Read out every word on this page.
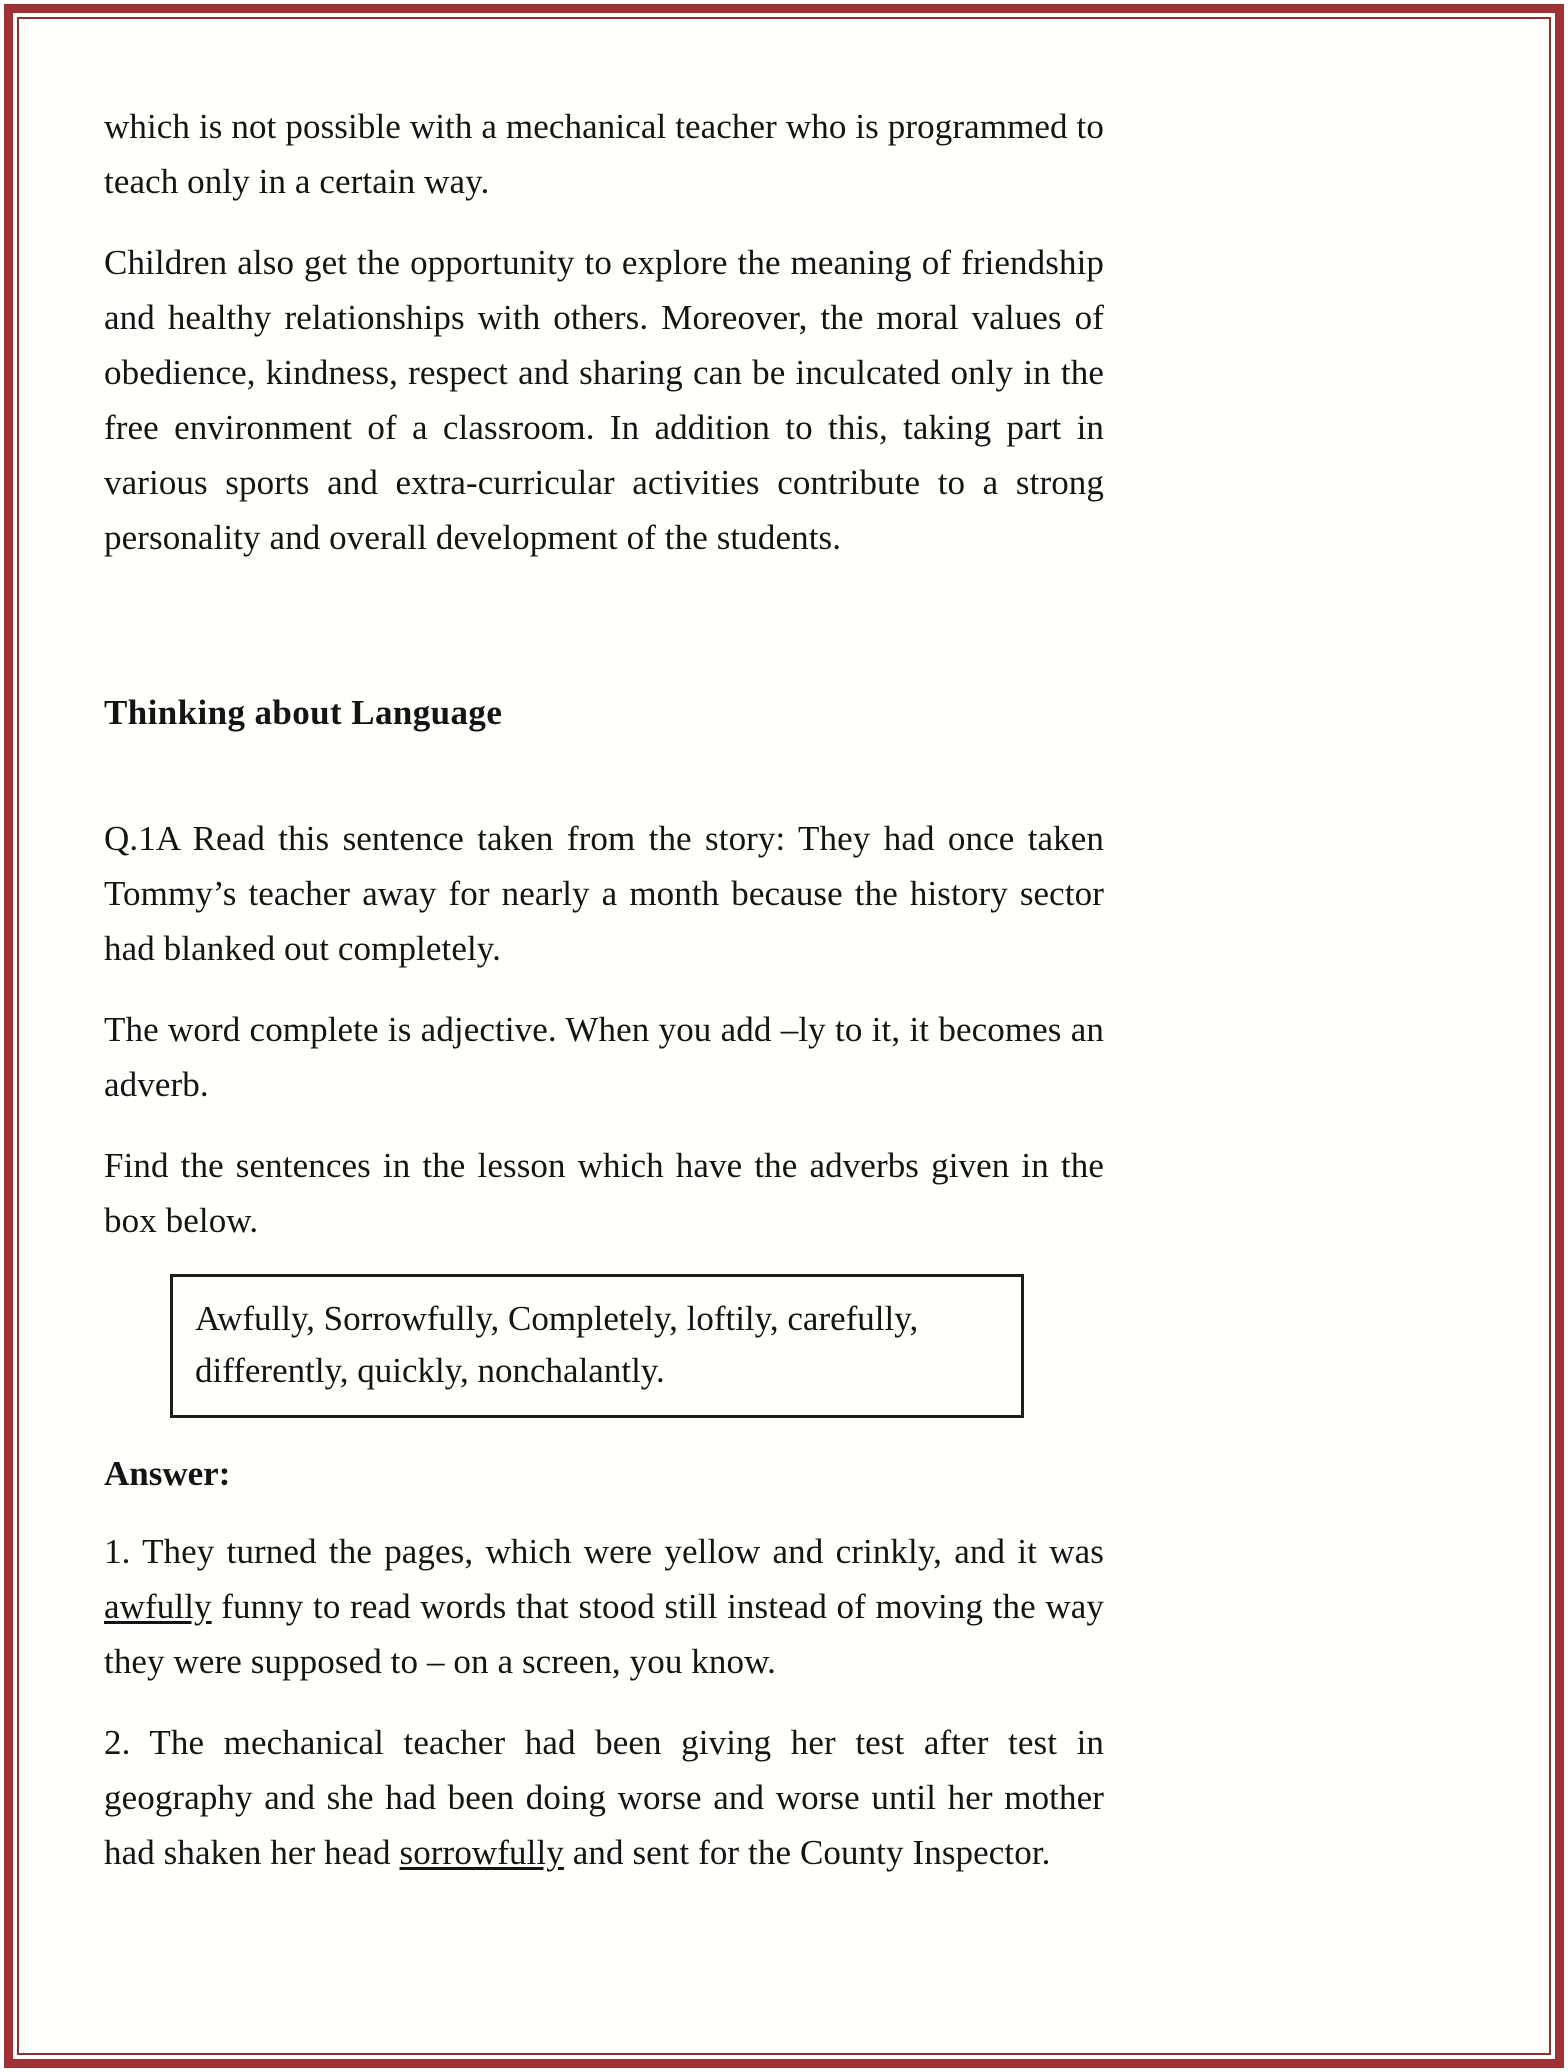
which is not possible with a mechanical teacher who is programmed to teach only in a certain way.

Children also get the opportunity to explore the meaning of friendship and healthy relationships with others. Moreover, the moral values of obedience, kindness, respect and sharing can be inculcated only in the free environment of a classroom. In addition to this, taking part in various sports and extra-curricular activities contribute to a strong personality and overall development of the students.

Thinking about Language

Q.1A Read this sentence taken from the story: They had once taken Tommy’s teacher away for nearly a month because the history sector had blanked out completely.

The word complete is adjective. When you add –ly to it, it becomes an adverb.

Find the sentences in the lesson which have the adverbs given in the box below.

Awfully, Sorrowfully, Completely, loftily, carefully,
differently, quickly, nonchalantly.
Answer:

1. They turned the pages, which were yellow and crinkly, and it was awfully funny to read words that stood still instead of moving the way they were supposed to – on a screen, you know.

2. The mechanical teacher had been giving her test after test in geography and she had been doing worse and worse until her mother had shaken her head sorrowfully and sent for the County Inspector.
